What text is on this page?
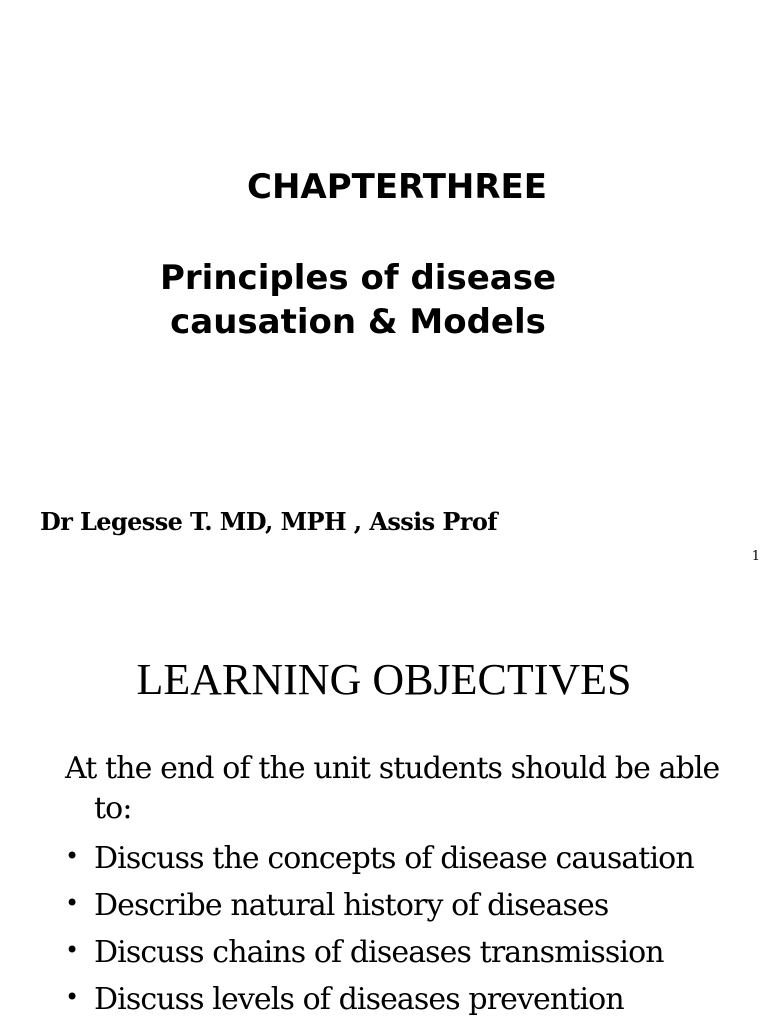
CHAPTERTHREE
Principles of disease
causation & Models
Dr Legesse T. MD, MPH , Assis Prof
1
LEARNING OBJECTIVES
At the end of the unit students should be able to:
• Discuss the concepts of disease causation
• Describe natural history of diseases
• Discuss chains of diseases transmission
• Discuss levels of diseases prevention
